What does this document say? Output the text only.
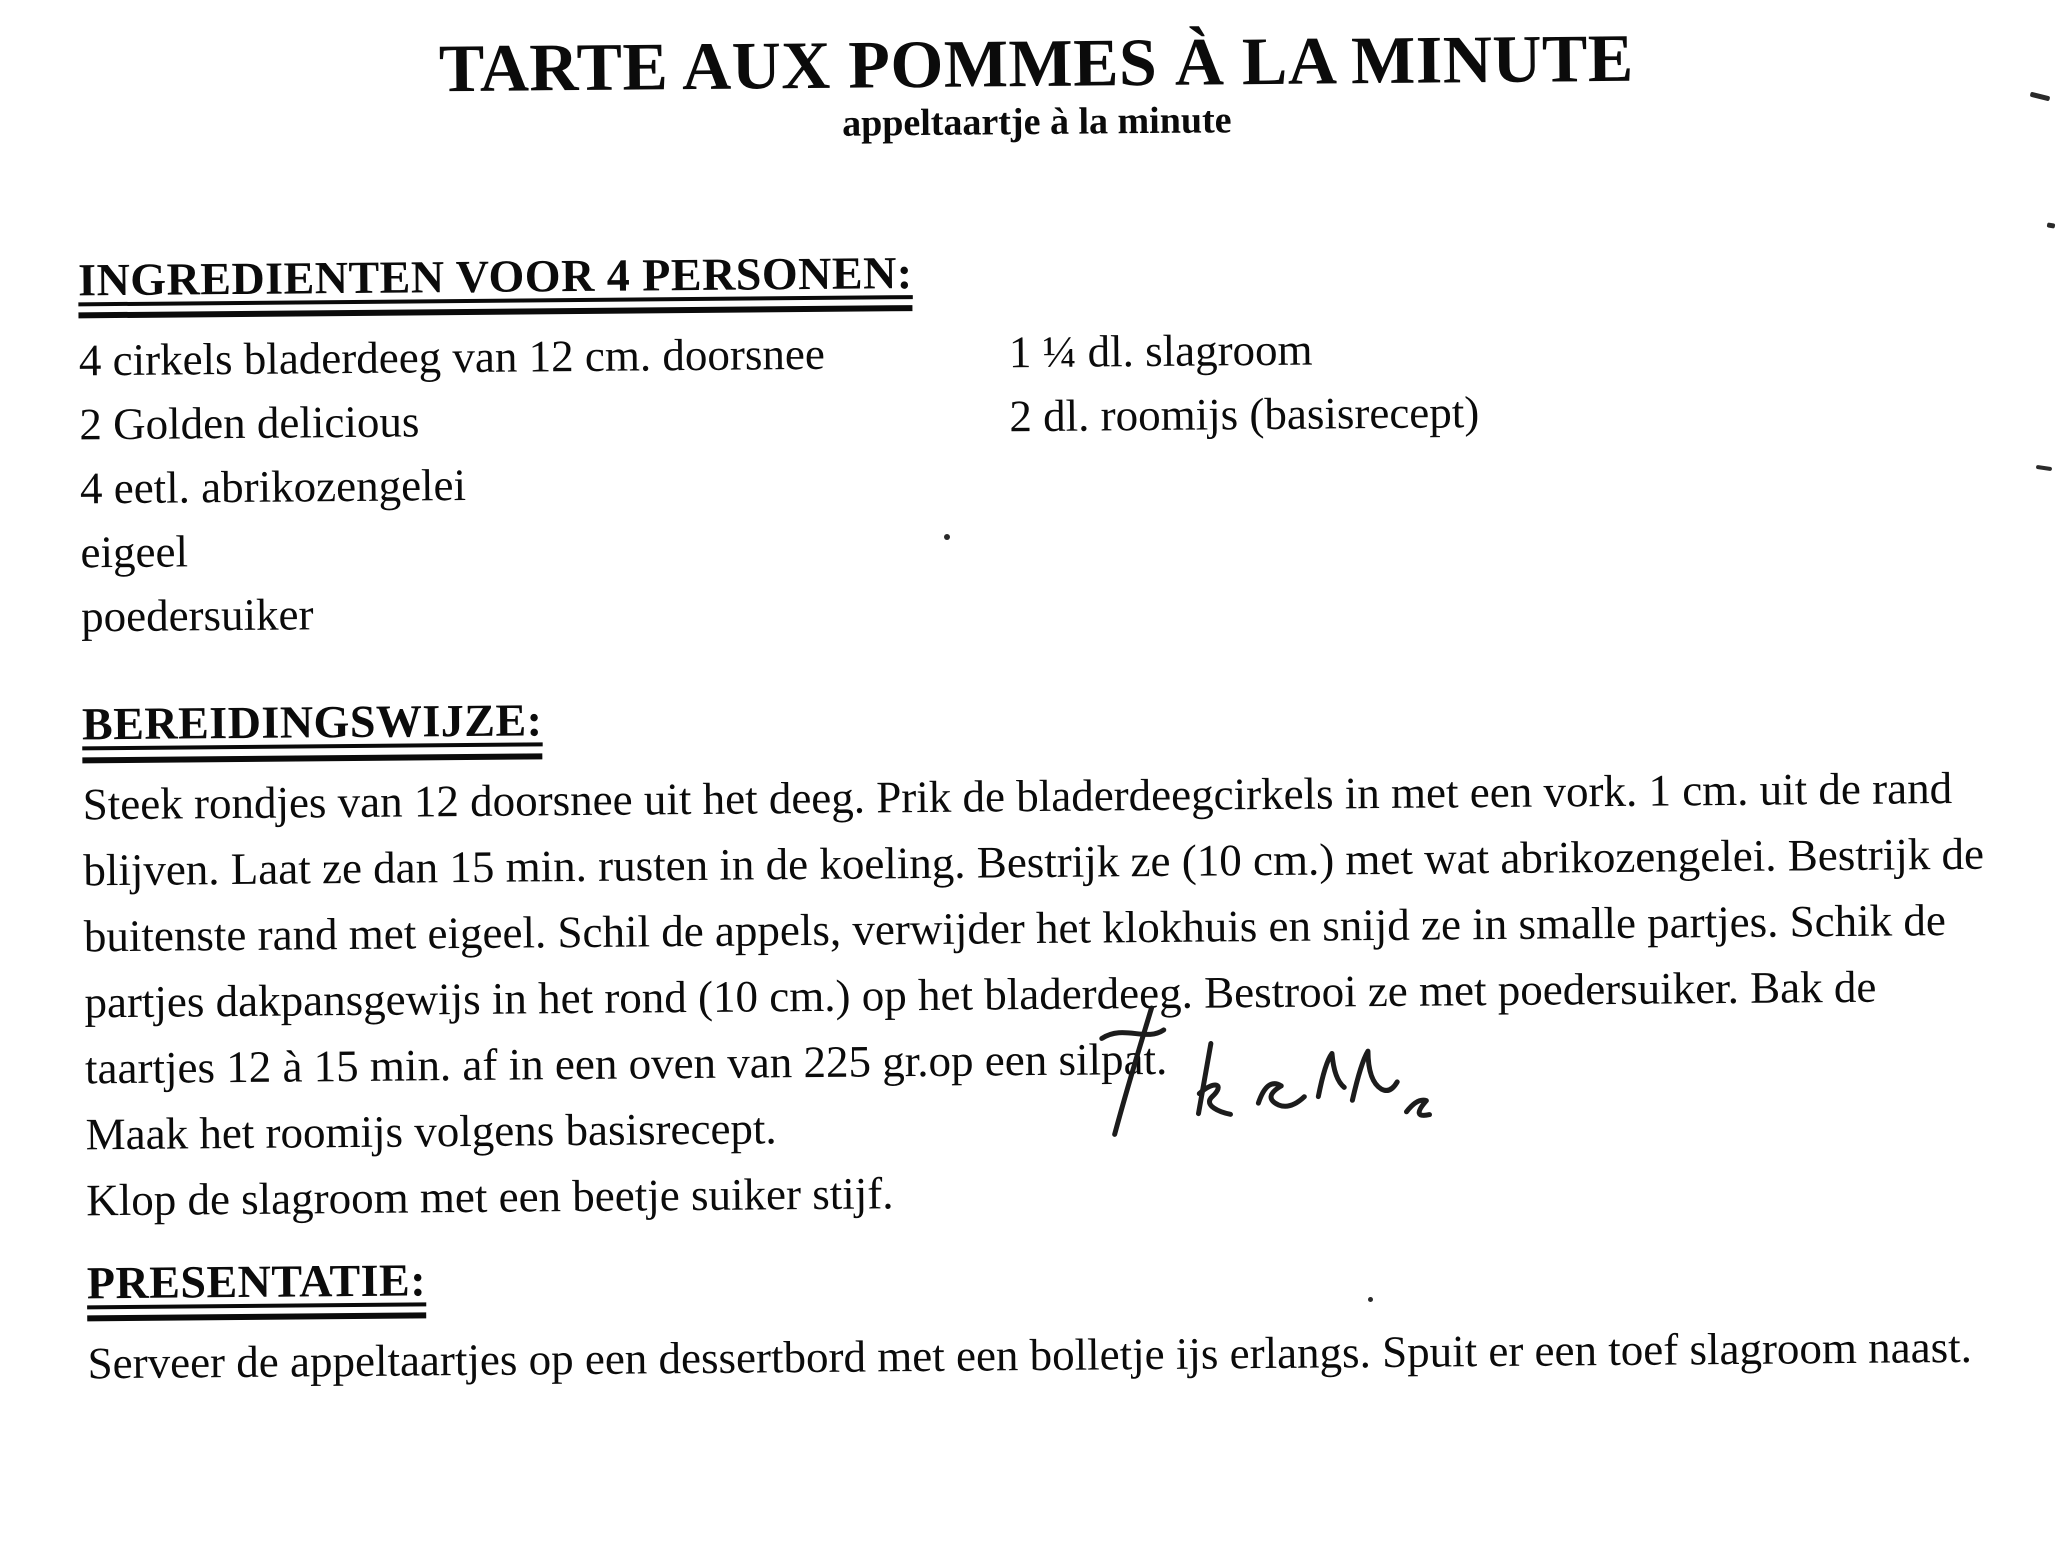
TARTE AUX POMMES À LA MINUTE
appeltaartje à la minute
INGREDIENTEN VOOR 4 PERSONEN:
4 cirkels bladerdeeg van 12 cm. doorsnee
2 Golden delicious
4 eetl. abrikozengelei
eigeel
poedersuiker
1 ¼ dl. slagroom
2 dl. roomijs (basisrecept)
BEREIDINGSWIJZE:

Steek rondjes van 12 doorsnee uit het deeg. Prik de bladerdeegcirkels in met een vork. 1 cm. uit de rand blijven. Laat ze dan 15 min. rusten in de koeling. Bestrijk ze (10 cm.) met wat abrikozengelei. Bestrijk de buitenste rand met eigeel. Schil de appels, verwijder het klokhuis en snijd ze in smalle partjes. Schik de partjes dakpansgewijs in het rond (10 cm.) op het bladerdeeg. Bestrooi ze met poedersuiker. Bak de taartjes 12 à 15 min. af in een oven van 225 gr.op een silpat.

Maak het roomijs volgens basisrecept.
Klop de slagroom met een beetje suiker stijf.
PRESENTATIE:

Serveer de appeltaartjes op een dessertbord met een bolletje ijs erlangs. Spuit er een toef slagroom naast.
